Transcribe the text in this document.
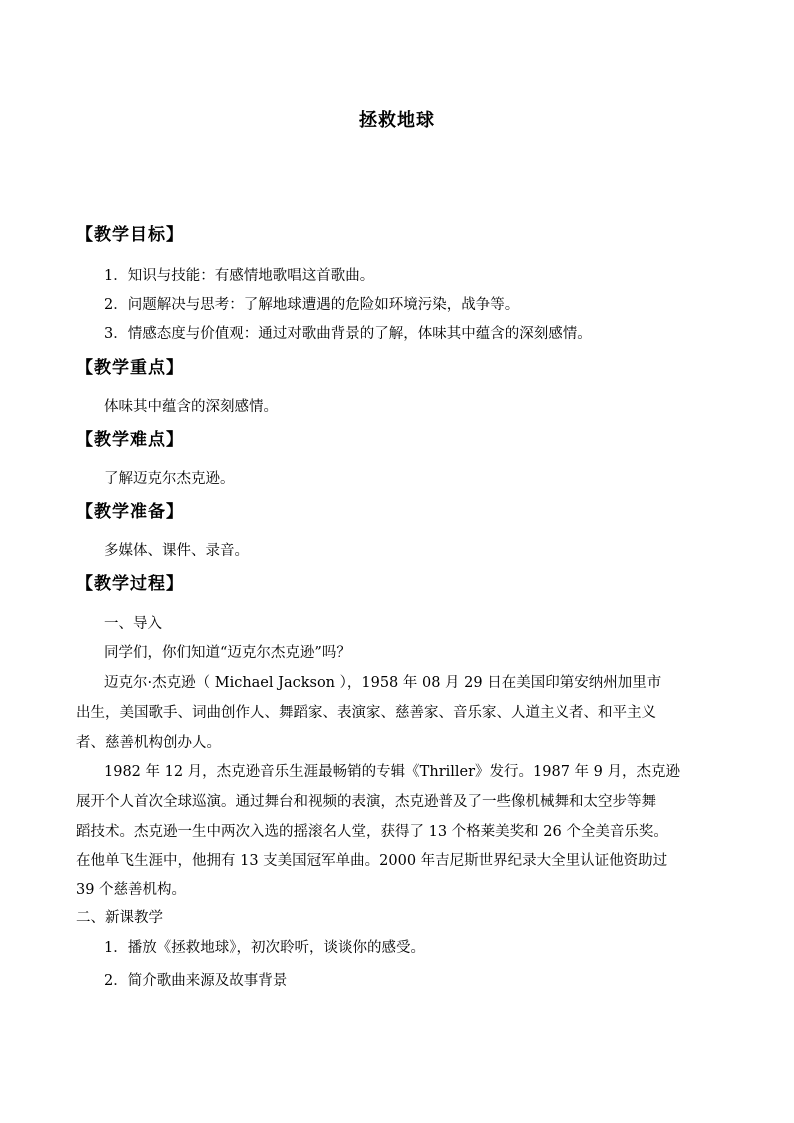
拯救地球
【教学目标】
1．知识与技能：有感情地歌唱这首歌曲。
2．问题解决与思考：了解地球遭遇的危险如环境污染，战争等。
3．情感态度与价值观：通过对歌曲背景的了解，体味其中蕴含的深刻感情。
【教学重点】
体味其中蕴含的深刻感情。
【教学难点】
了解迈克尔杰克逊。
【教学准备】
多媒体、课件、录音。
【教学过程】
一、导入
同学们，你们知道“迈克尔杰克逊”吗？
迈克尔·杰克逊（ Michael Jackson ），1958 年 08 月 29 日在美国印第安纳州加里市
出生，美国歌手、词曲创作人、舞蹈家、表演家、慈善家、音乐家、人道主义者、和平主义
者、慈善机构创办人。
1982 年 12 月，杰克逊音乐生涯最畅销的专辑《Thriller》发行。1987 年 9 月，杰克逊
展开个人首次全球巡演。通过舞台和视频的表演，杰克逊普及了一些像机械舞和太空步等舞
蹈技术。杰克逊一生中两次入选的摇滚名人堂，获得了 13 个格莱美奖和 26 个全美音乐奖。
在他单飞生涯中，他拥有 13 支美国冠军单曲。2000 年吉尼斯世界纪录大全里认证他资助过
39 个慈善机构。
二、新课教学
1．播放《拯救地球》，初次聆听，谈谈你的感受。
2．简介歌曲来源及故事背景
